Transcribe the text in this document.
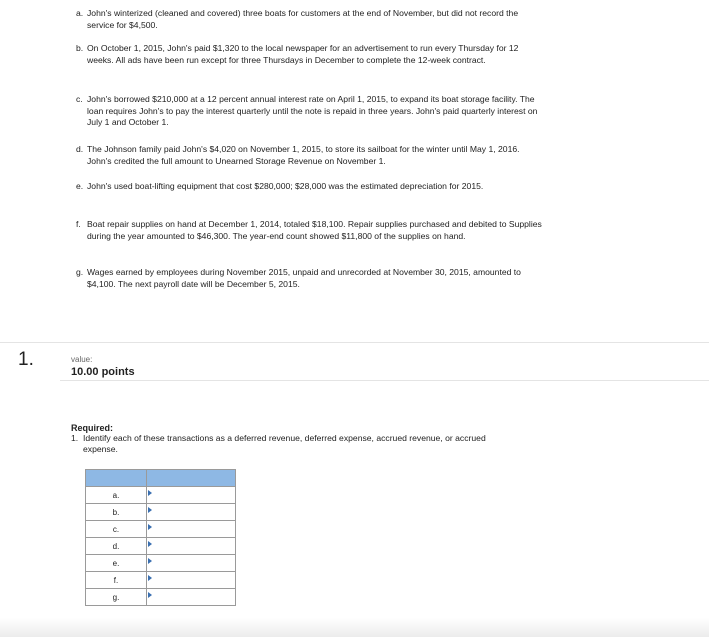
a. John's winterized (cleaned and covered) three boats for customers at the end of November, but did not record the service for $4,500.
b. On October 1, 2015, John's paid $1,320 to the local newspaper for an advertisement to run every Thursday for 12 weeks. All ads have been run except for three Thursdays in December to complete the 12-week contract.
c. John's borrowed $210,000 at a 12 percent annual interest rate on April 1, 2015, to expand its boat storage facility. The loan requires John's to pay the interest quarterly until the note is repaid in three years. John's paid quarterly interest on July 1 and October 1.
d. The Johnson family paid John's $4,020 on November 1, 2015, to store its sailboat for the winter until May 1, 2016. John's credited the full amount to Unearned Storage Revenue on November 1.
e. John's used boat-lifting equipment that cost $280,000; $28,000 was the estimated depreciation for 2015.
f. Boat repair supplies on hand at December 1, 2014, totaled $18,100. Repair supplies purchased and debited to Supplies during the year amounted to $46,300. The year-end count showed $11,800 of the supplies on hand.
g. Wages earned by employees during November 2015, unpaid and unrecorded at November 30, 2015, amounted to $4,100. The next payroll date will be December 5, 2015.
1.	value:
10.00 points
Required:
1. Identify each of these transactions as a deferred revenue, deferred expense, accrued revenue, or accrued expense.

a.	

b.	

c.	

d.	

e.	

f.	

g.	
